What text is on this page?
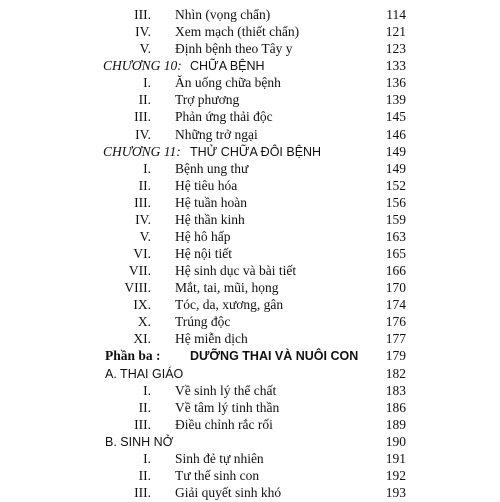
III. Nhìn (vọng chẩn)	114
IV. Xem mạch (thiết chẩn)	121
V. Định bệnh theo Tây y	123
CHƯƠNG 10: CHỮA BỆNH	133
I. Ăn uống chữa bệnh	136
II. Trợ phương	139
III. Phản ứng thải độc	145
IV. Những trở ngại	146
CHƯƠNG 11: THỬ CHỮA ĐÔI BỆNH	149
I. Bệnh ung thư	149
II. Hệ tiêu hóa	152
III. Hệ tuần hoàn	156
IV. Hệ thần kinh	159
V. Hệ hô hấp	163
VI. Hệ nội tiết	165
VII. Hệ sinh dục và bài tiết	166
VIII. Mắt, tai, mũi, họng	170
IX. Tóc, da, xương, gân	174
X. Trúng độc	176
XI. Hệ miễn dịch	177
Phần ba : DƯỠNG THAI VÀ NUÔI CON 179
A. THAI GIÁO	182
I. Về sinh lý thể chất	183
II. Về tâm lý tinh thần	186
III. Điều chỉnh rắc rối	189
B. SINH NỞ	190
I. Sinh đẻ tự nhiên	191
II. Tư thế sinh con	192
III. Giải quyết sinh khó	193
